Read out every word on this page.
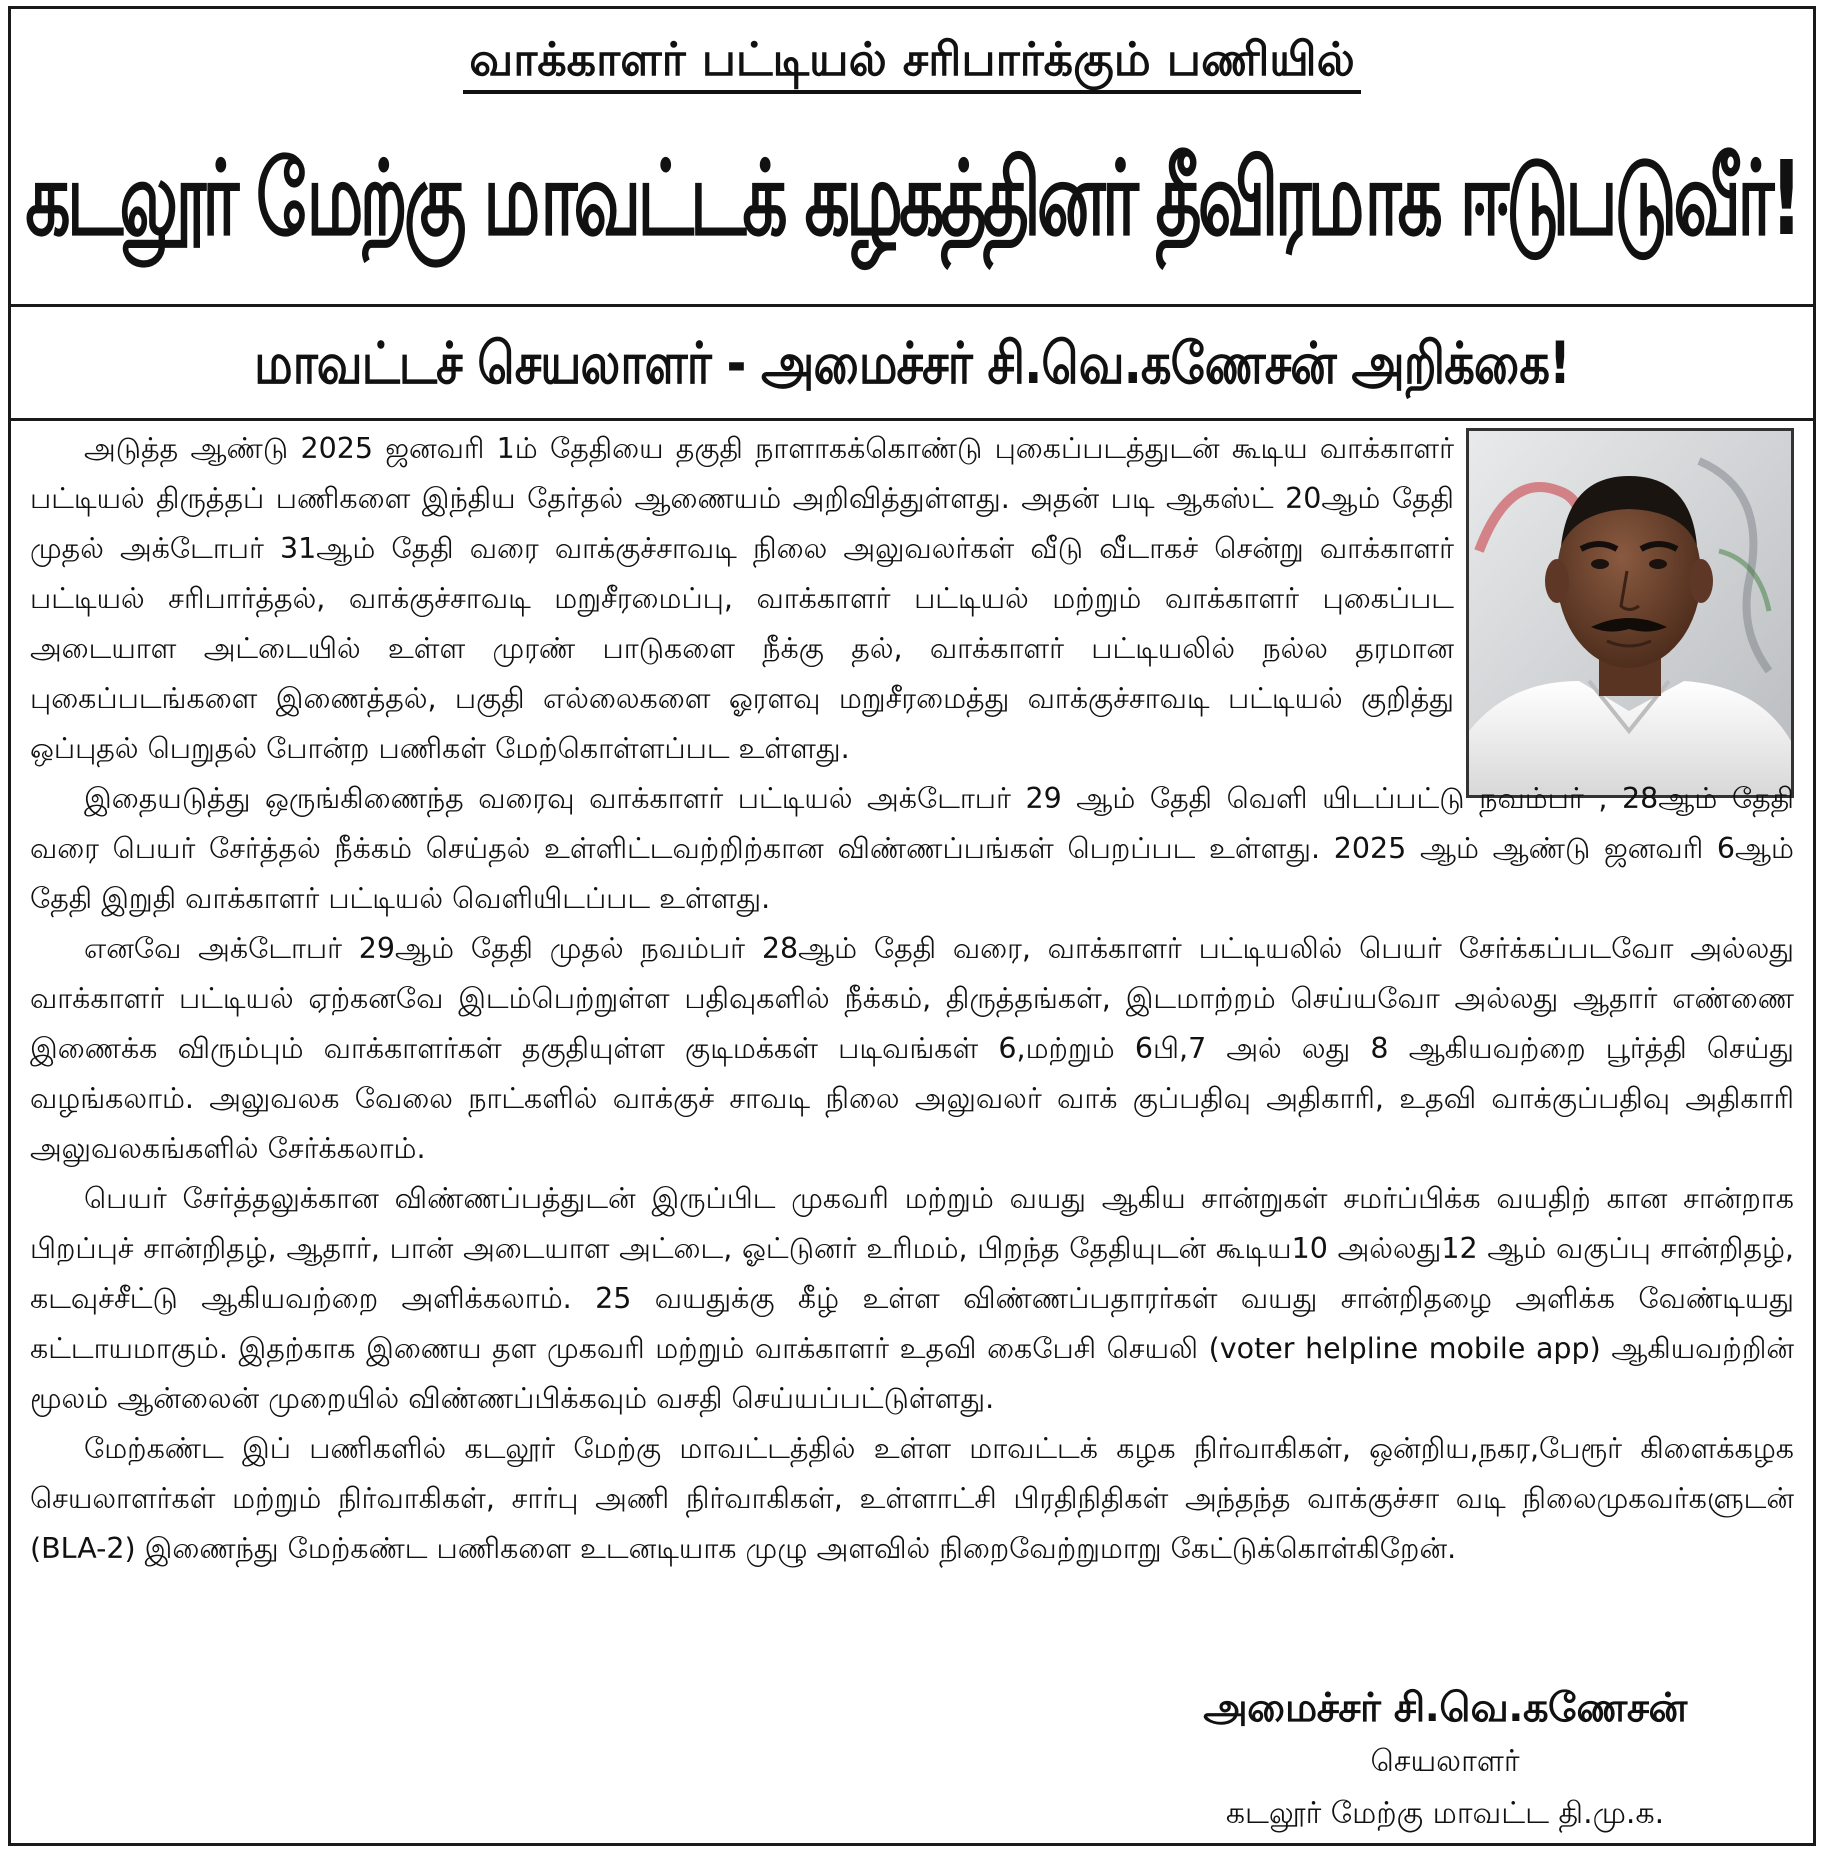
வாக்காளர் பட்டியல் சரிபார்க்கும் பணியில்
கடலூர் மேற்கு மாவட்டக் கழகத்தினர் தீவிரமாக ஈடுபடுவீர்!
மாவட்டச் செயலாளர் - அமைச்சர் சி.வெ.கணேசன் அறிக்கை!

அடுத்த ஆண்டு 2025 ஜனவரி 1ம் தேதியை தகுதி நாளாகக்கொண்டு புகைப்படத்துடன் கூடிய வாக்காளர் பட்டியல் திருத்தப் பணிகளை இந்திய தேர்தல் ஆணையம் அறிவித்துள்ளது. அதன் படி ஆகஸ்ட் 20ஆம் தேதி முதல் அக்டோபர் 31ஆம் தேதி வரை வாக்குச்சாவடி நிலை அலுவலர்கள் வீடு வீடாகச் சென்று வாக்காளர் பட்டியல் சரிபார்த்தல், வாக்குச்சாவடி மறுசீரமைப்பு, வாக்காளர் பட்டியல் மற்றும் வாக்காளர் புகைப்பட அடையாள அட்டையில் உள்ள முரண் பாடுகளை நீக்கு தல், வாக்காளர் பட்டியலில் நல்ல தரமான புகைப்படங்களை இணைத்தல், பகுதி எல்லைகளை ஓரளவு மறுசீரமைத்து வாக்குச்சாவடி பட்டியல் குறித்து ஒப்புதல் பெறுதல் போன்ற பணிகள் மேற்கொள்ளப்பட உள்ளது.

இதையடுத்து ஒருங்கிணைந்த வரைவு வாக்காளர் பட்டியல் அக்டோபர் 29 ஆம் தேதி வெளி யிடப்பட்டு நவம்பர் , 28ஆம் தேதி வரை பெயர் சேர்த்தல் நீக்கம் செய்தல் உள்ளிட்டவற்றிற்கான விண்ணப்பங்கள் பெறப்பட உள்ளது. 2025 ஆம் ஆண்டு ஜனவரி 6ஆம் தேதி இறுதி வாக்காளர் பட்டியல் வெளியிடப்பட உள்ளது.

எனவே அக்டோபர் 29ஆம் தேதி முதல் நவம்பர் 28ஆம் தேதி வரை, வாக்காளர் பட்டியலில் பெயர் சேர்க்கப்படவோ அல்லது வாக்காளர் பட்டியல் ஏற்கனவே இடம்பெற்றுள்ள பதிவுகளில் நீக்கம், திருத்தங்கள், இடமாற்றம் செய்யவோ அல்லது ஆதார் எண்ணை இணைக்க விரும்பும் வாக்காளர்கள் தகுதியுள்ள குடிமக்கள் படிவங்கள் 6,மற்றும் 6பி,7 அல் லது 8 ஆகியவற்றை பூர்த்தி செய்து வழங்கலாம். அலுவலக வேலை நாட்களில் வாக்குச் சாவடி நிலை அலுவலர் வாக் குப்பதிவு அதிகாரி, உதவி வாக்குப்பதிவு அதிகாரி அலுவலகங்களில் சேர்க்கலாம்.

பெயர் சேர்த்தலுக்கான விண்ணப்பத்துடன் இருப்பிட முகவரி மற்றும் வயது ஆகிய சான்றுகள் சமர்ப்பிக்க வயதிற் கான சான்றாக பிறப்புச் சான்றிதழ், ஆதார், பான் அடையாள அட்டை, ஓட்டுனர் உரிமம், பிறந்த தேதியுடன் கூடிய10 அல்லது12 ஆம் வகுப்பு சான்றிதழ், கடவுச்சீட்டு ஆகியவற்றை அளிக்கலாம். 25 வயதுக்கு கீழ் உள்ள விண்ணப்பதாரர்கள் வயது சான்றிதழை அளிக்க வேண்டியது கட்டாயமாகும். இதற்காக இணைய தள முகவரி மற்றும் வாக்காளர் உதவி கைபேசி செயலி (voter helpline mobile app) ஆகியவற்றின் மூலம் ஆன்லைன் முறையில் விண்ணப்பிக்கவும் வசதி செய்யப்பட்டுள்ளது.

மேற்கண்ட இப் பணிகளில் கடலூர் மேற்கு மாவட்டத்தில் உள்ள மாவட்டக் கழக நிர்வாகிகள், ஒன்றிய,நகர,பேரூர் கிளைக்கழக செயலாளர்கள் மற்றும் நிர்வாகிகள், சார்பு அணி நிர்வாகிகள், உள்ளாட்சி பிரதிநிதிகள் அந்தந்த வாக்குச்சா வடி நிலைமுகவர்களுடன் (BLA-2) இணைந்து மேற்கண்ட பணிகளை உடனடியாக முழு அளவில் நிறைவேற்றுமாறு கேட்டுக்கொள்கிறேன்.

அமைச்சர் சி.வெ.கணேசன்
செயலாளர்
கடலூர் மேற்கு மாவட்ட தி.மு.க.
